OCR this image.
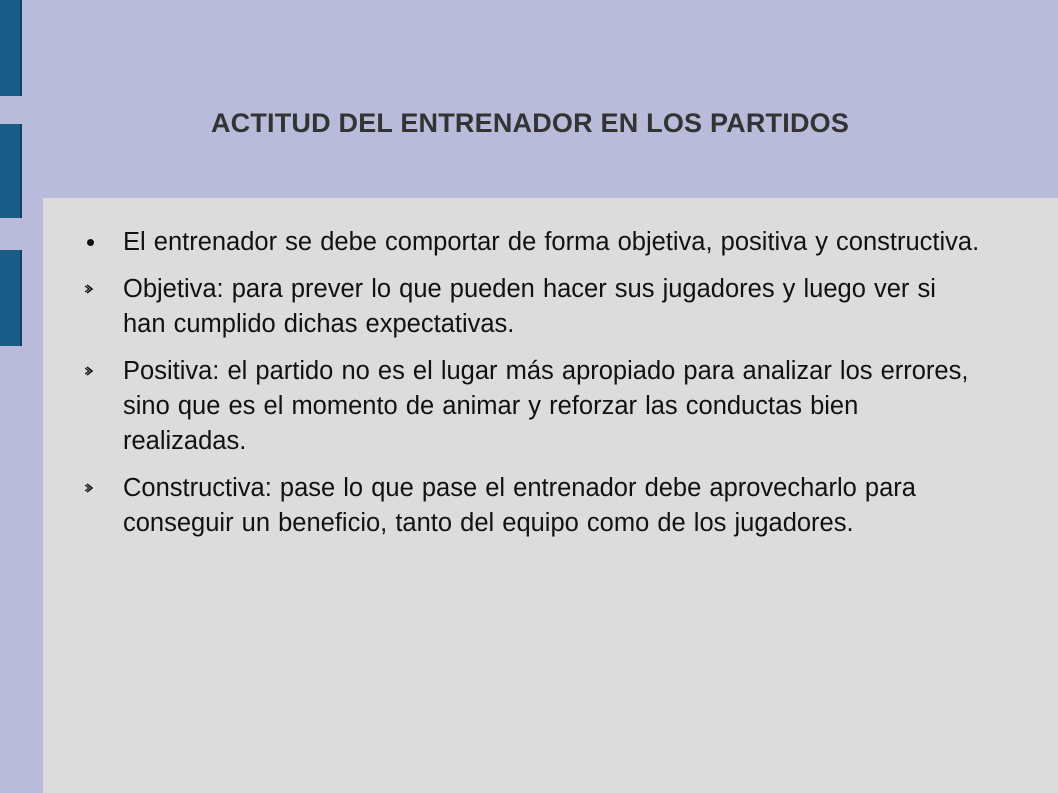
ACTITUD DEL ENTRENADOR EN LOS PARTIDOS
El entrenador se debe comportar de forma objetiva, positiva y constructiva.
Objetiva: para prever lo que pueden hacer sus jugadores y luego ver si han cumplido dichas expectativas.
Positiva: el partido no es el lugar más apropiado para analizar los errores, sino que es el momento de animar y reforzar las conductas bien realizadas.
Constructiva: pase lo que pase el entrenador debe aprovecharlo para conseguir un beneficio, tanto del equipo como de los jugadores.
